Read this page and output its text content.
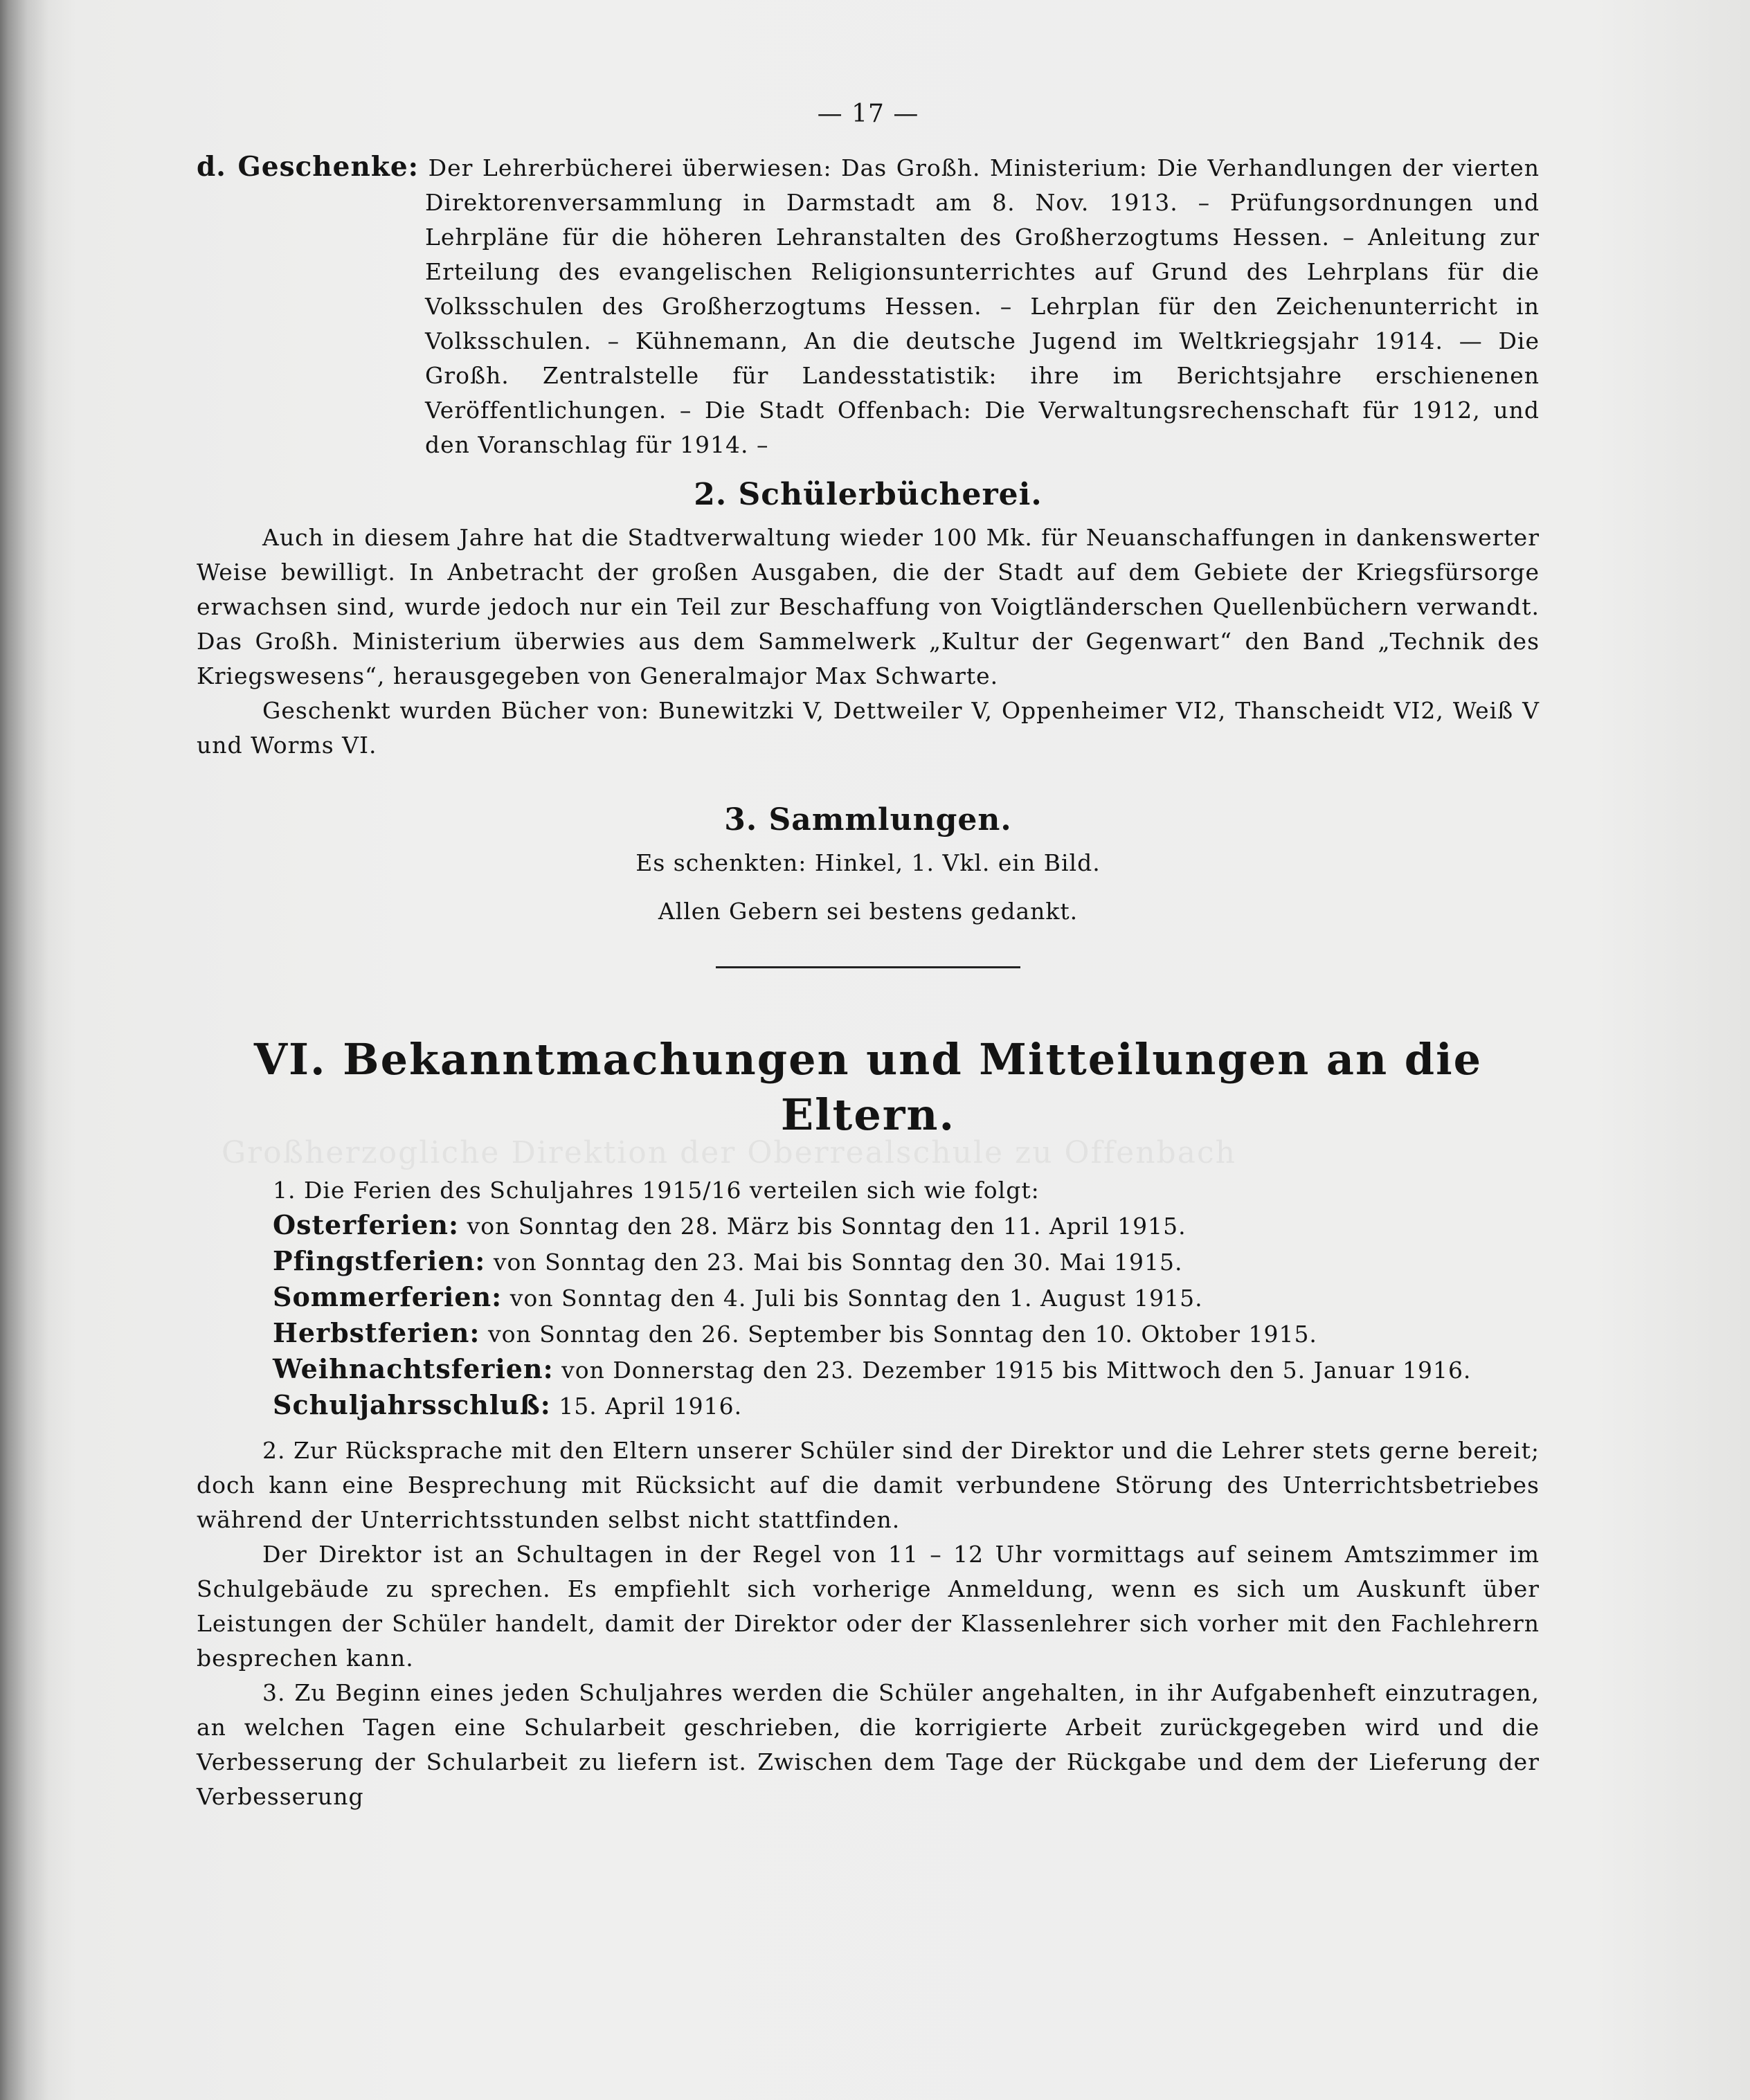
Großherzogliche Direktion der Oberrealschule zu Offenbach
— 17 —
d. Geschenke: Der Lehrerbücherei überwiesen: Das Großh. Ministerium: Die Verhandlungen der vierten Direktorenversammlung in Darmstadt am 8. Nov. 1913. – Prüfungsordnungen und Lehrpläne für die höheren Lehranstalten des Großherzogtums Hessen. – Anleitung zur Erteilung des evangelischen Religionsunterrichtes auf Grund des Lehrplans für die Volksschulen des Großherzogtums Hessen. – Lehrplan für den Zeichenunterricht in Volksschulen. – Kühnemann, An die deutsche Jugend im Weltkriegsjahr 1914. — Die Großh. Zentralstelle für Landesstatistik: ihre im Berichtsjahre erschienenen Veröffentlichungen. – Die Stadt Offenbach: Die Verwaltungsrechenschaft für 1912, und den Voranschlag für 1914. –
2. Schülerbücherei.
Auch in diesem Jahre hat die Stadtverwaltung wieder 100 Mk. für Neuanschaffungen in dankenswerter Weise bewilligt. In Anbetracht der großen Ausgaben, die der Stadt auf dem Gebiete der Kriegsfürsorge erwachsen sind, wurde jedoch nur ein Teil zur Beschaffung von Voigtländerschen Quellenbüchern verwandt. Das Großh. Ministerium überwies aus dem Sammelwerk „Kultur der Gegenwart“ den Band „Technik des Kriegswesens“, herausgegeben von Generalmajor Max Schwarte.
Geschenkt wurden Bücher von: Bunewitzki V, Dettweiler V, Oppenheimer VI2, Thanscheidt VI2, Weiß V und Worms VI.
3. Sammlungen.
Es schenkten: Hinkel, 1. Vkl. ein Bild.
Allen Gebern sei bestens gedankt.
VI. Bekanntmachungen und Mitteilungen an die Eltern.
1. Die Ferien des Schuljahres 1915/16 verteilen sich wie folgt:
Osterferien: von Sonntag den 28. März bis Sonntag den 11. April 1915.
Pfingstferien: von Sonntag den 23. Mai bis Sonntag den 30. Mai 1915.
Sommerferien: von Sonntag den 4. Juli bis Sonntag den 1. August 1915.
Herbstferien: von Sonntag den 26. September bis Sonntag den 10. Oktober 1915.
Weihnachtsferien: von Donnerstag den 23. Dezember 1915 bis Mittwoch den 5. Januar 1916.
Schuljahrsschluß: 15. April 1916.
2. Zur Rücksprache mit den Eltern unserer Schüler sind der Direktor und die Lehrer stets gerne bereit; doch kann eine Besprechung mit Rücksicht auf die damit verbundene Störung des Unterrichtsbetriebes während der Unterrichtsstunden selbst nicht stattfinden.
Der Direktor ist an Schultagen in der Regel von 11 – 12 Uhr vormittags auf seinem Amtszimmer im Schulgebäude zu sprechen. Es empfiehlt sich vorherige Anmeldung, wenn es sich um Auskunft über Leistungen der Schüler handelt, damit der Direktor oder der Klassenlehrer sich vorher mit den Fachlehrern besprechen kann.
3. Zu Beginn eines jeden Schuljahres werden die Schüler angehalten, in ihr Aufgabenheft einzutragen, an welchen Tagen eine Schularbeit geschrieben, die korrigierte Arbeit zurückgegeben wird und die Verbesserung der Schularbeit zu liefern ist. Zwischen dem Tage der Rückgabe und dem der Lieferung der Verbesserung
